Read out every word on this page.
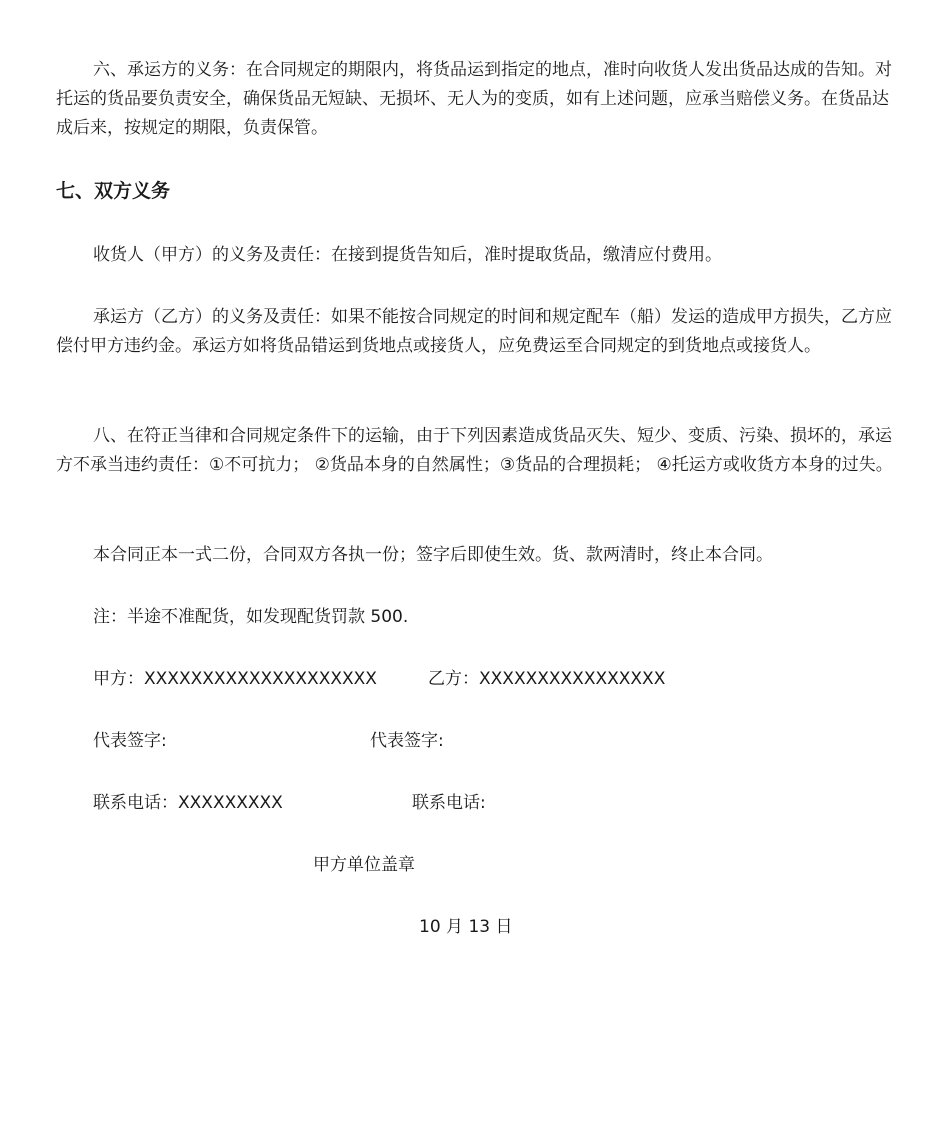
六、承运方的义务：在合同规定的期限内，将货品运到指定的地点，准时向收货人发出货品达成的告知。对托运的货品要负责安全，确保货品无短缺、无损坏、无人为的变质，如有上述问题，应承当赔偿义务。在货品达成后来，按规定的期限，负责保管。

七、双方义务

收货人（甲方）的义务及责任：在接到提货告知后，准时提取货品，缴清应付费用。

承运方（乙方）的义务及责任：如果不能按合同规定的时间和规定配车（船）发运的造成甲方损失，乙方应偿付甲方违约金。承运方如将货品错运到货地点或接货人，应免费运至合同规定的到货地点或接货人。

八、在符正当律和合同规定条件下的运输，由于下列因素造成货品灭失、短少、变质、污染、损坏的，承运方不承当违约责任：①不可抗力； ②货品本身的自然属性；③货品的合理损耗； ④托运方或收货方本身的过失。

本合同正本一式二份，合同双方各执一份；签字后即使生效。货、款两清时，终止本合同。

注：半途不准配货，如发现配货罚款 500.

甲方：XXXXXXXXXXXXXXXXXXXX	乙方：XXXXXXXXXXXXXXXX

代表签字:	代表签字:

联系电话：XXXXXXXXX	联系电话:

甲方单位盖章

10 月 13 日
